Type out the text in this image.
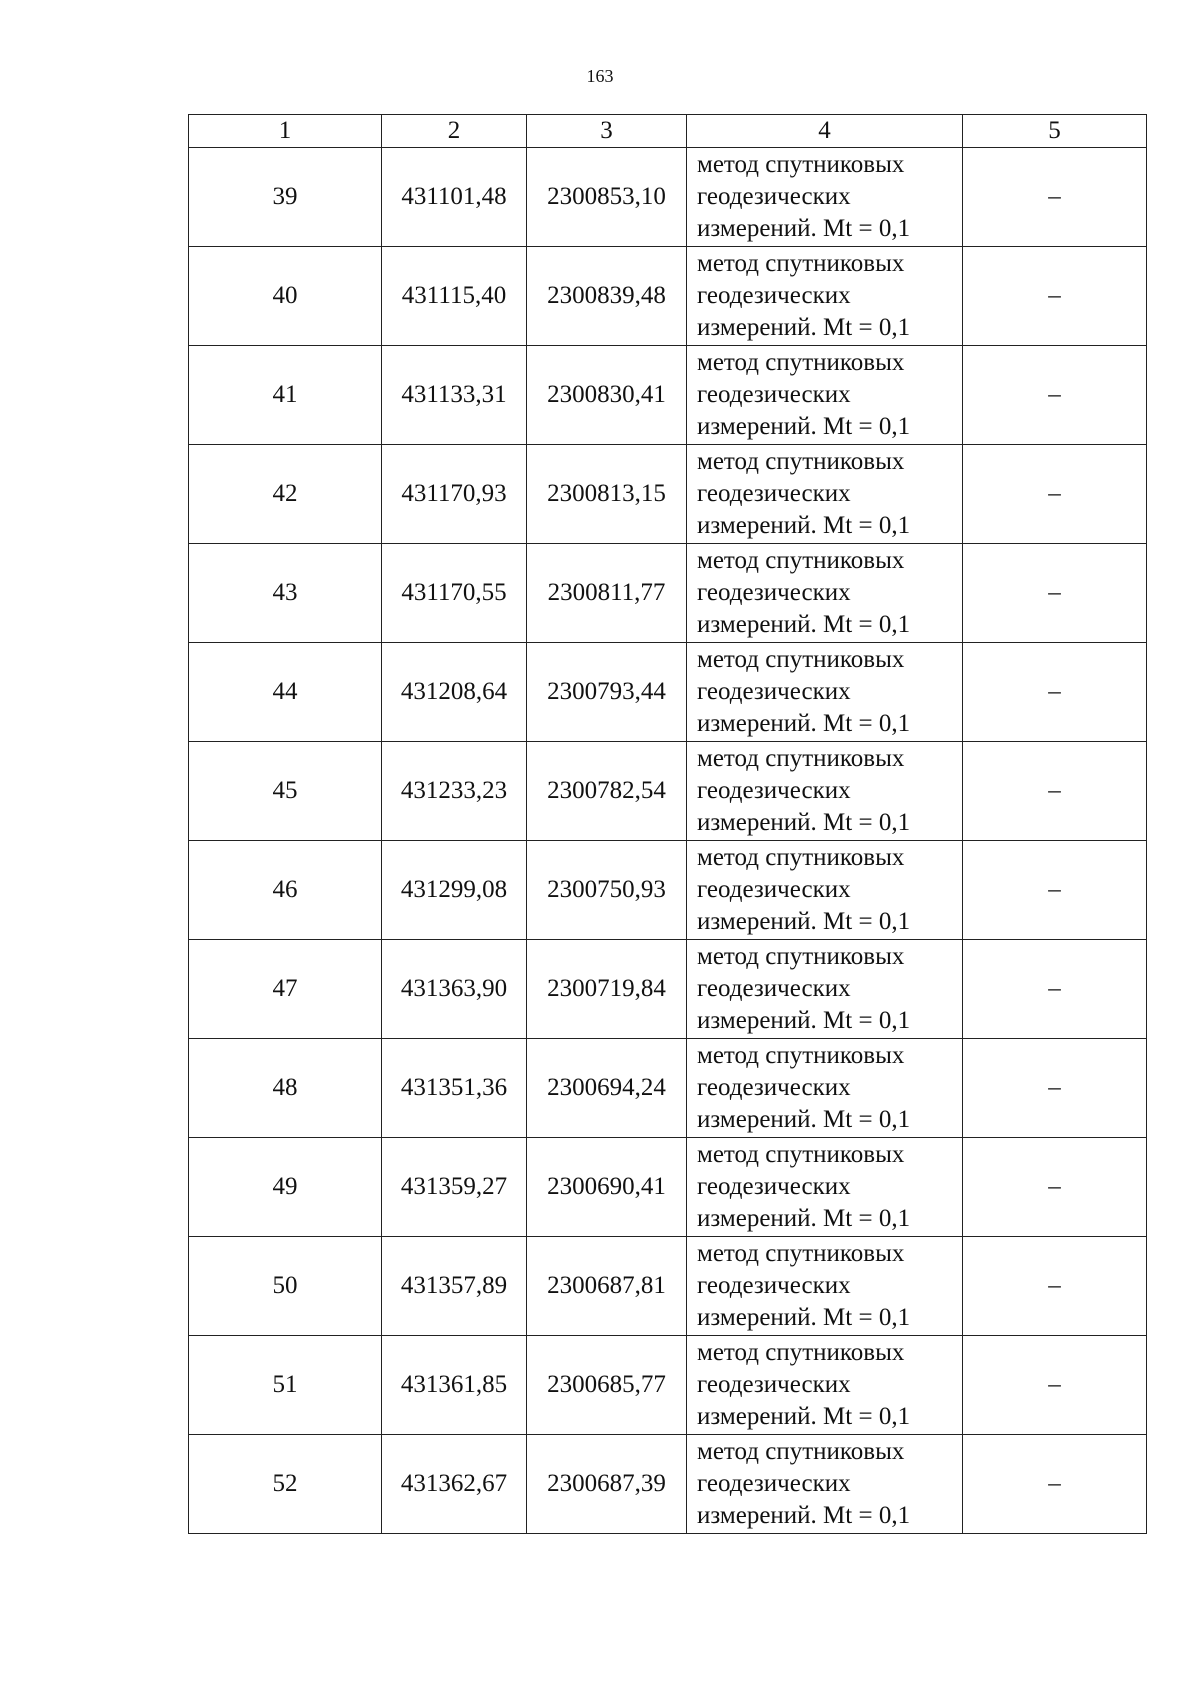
163
1	2	3	4	5
39	431101,48	2300853,10	метод спутниковых
геодезических
измерений. Mt = 0,1	–
40	431115,40	2300839,48	метод спутниковых
геодезических
измерений. Mt = 0,1	–
41	431133,31	2300830,41	метод спутниковых
геодезических
измерений. Mt = 0,1	–
42	431170,93	2300813,15	метод спутниковых
геодезических
измерений. Mt = 0,1	–
43	431170,55	2300811,77	метод спутниковых
геодезических
измерений. Mt = 0,1	–
44	431208,64	2300793,44	метод спутниковых
геодезических
измерений. Mt = 0,1	–
45	431233,23	2300782,54	метод спутниковых
геодезических
измерений. Mt = 0,1	–
46	431299,08	2300750,93	метод спутниковых
геодезических
измерений. Mt = 0,1	–
47	431363,90	2300719,84	метод спутниковых
геодезических
измерений. Mt = 0,1	–
48	431351,36	2300694,24	метод спутниковых
геодезических
измерений. Mt = 0,1	–
49	431359,27	2300690,41	метод спутниковых
геодезических
измерений. Mt = 0,1	–
50	431357,89	2300687,81	метод спутниковых
геодезических
измерений. Mt = 0,1	–
51	431361,85	2300685,77	метод спутниковых
геодезических
измерений. Mt = 0,1	–
52	431362,67	2300687,39	метод спутниковых
геодезических
измерений. Mt = 0,1	–
